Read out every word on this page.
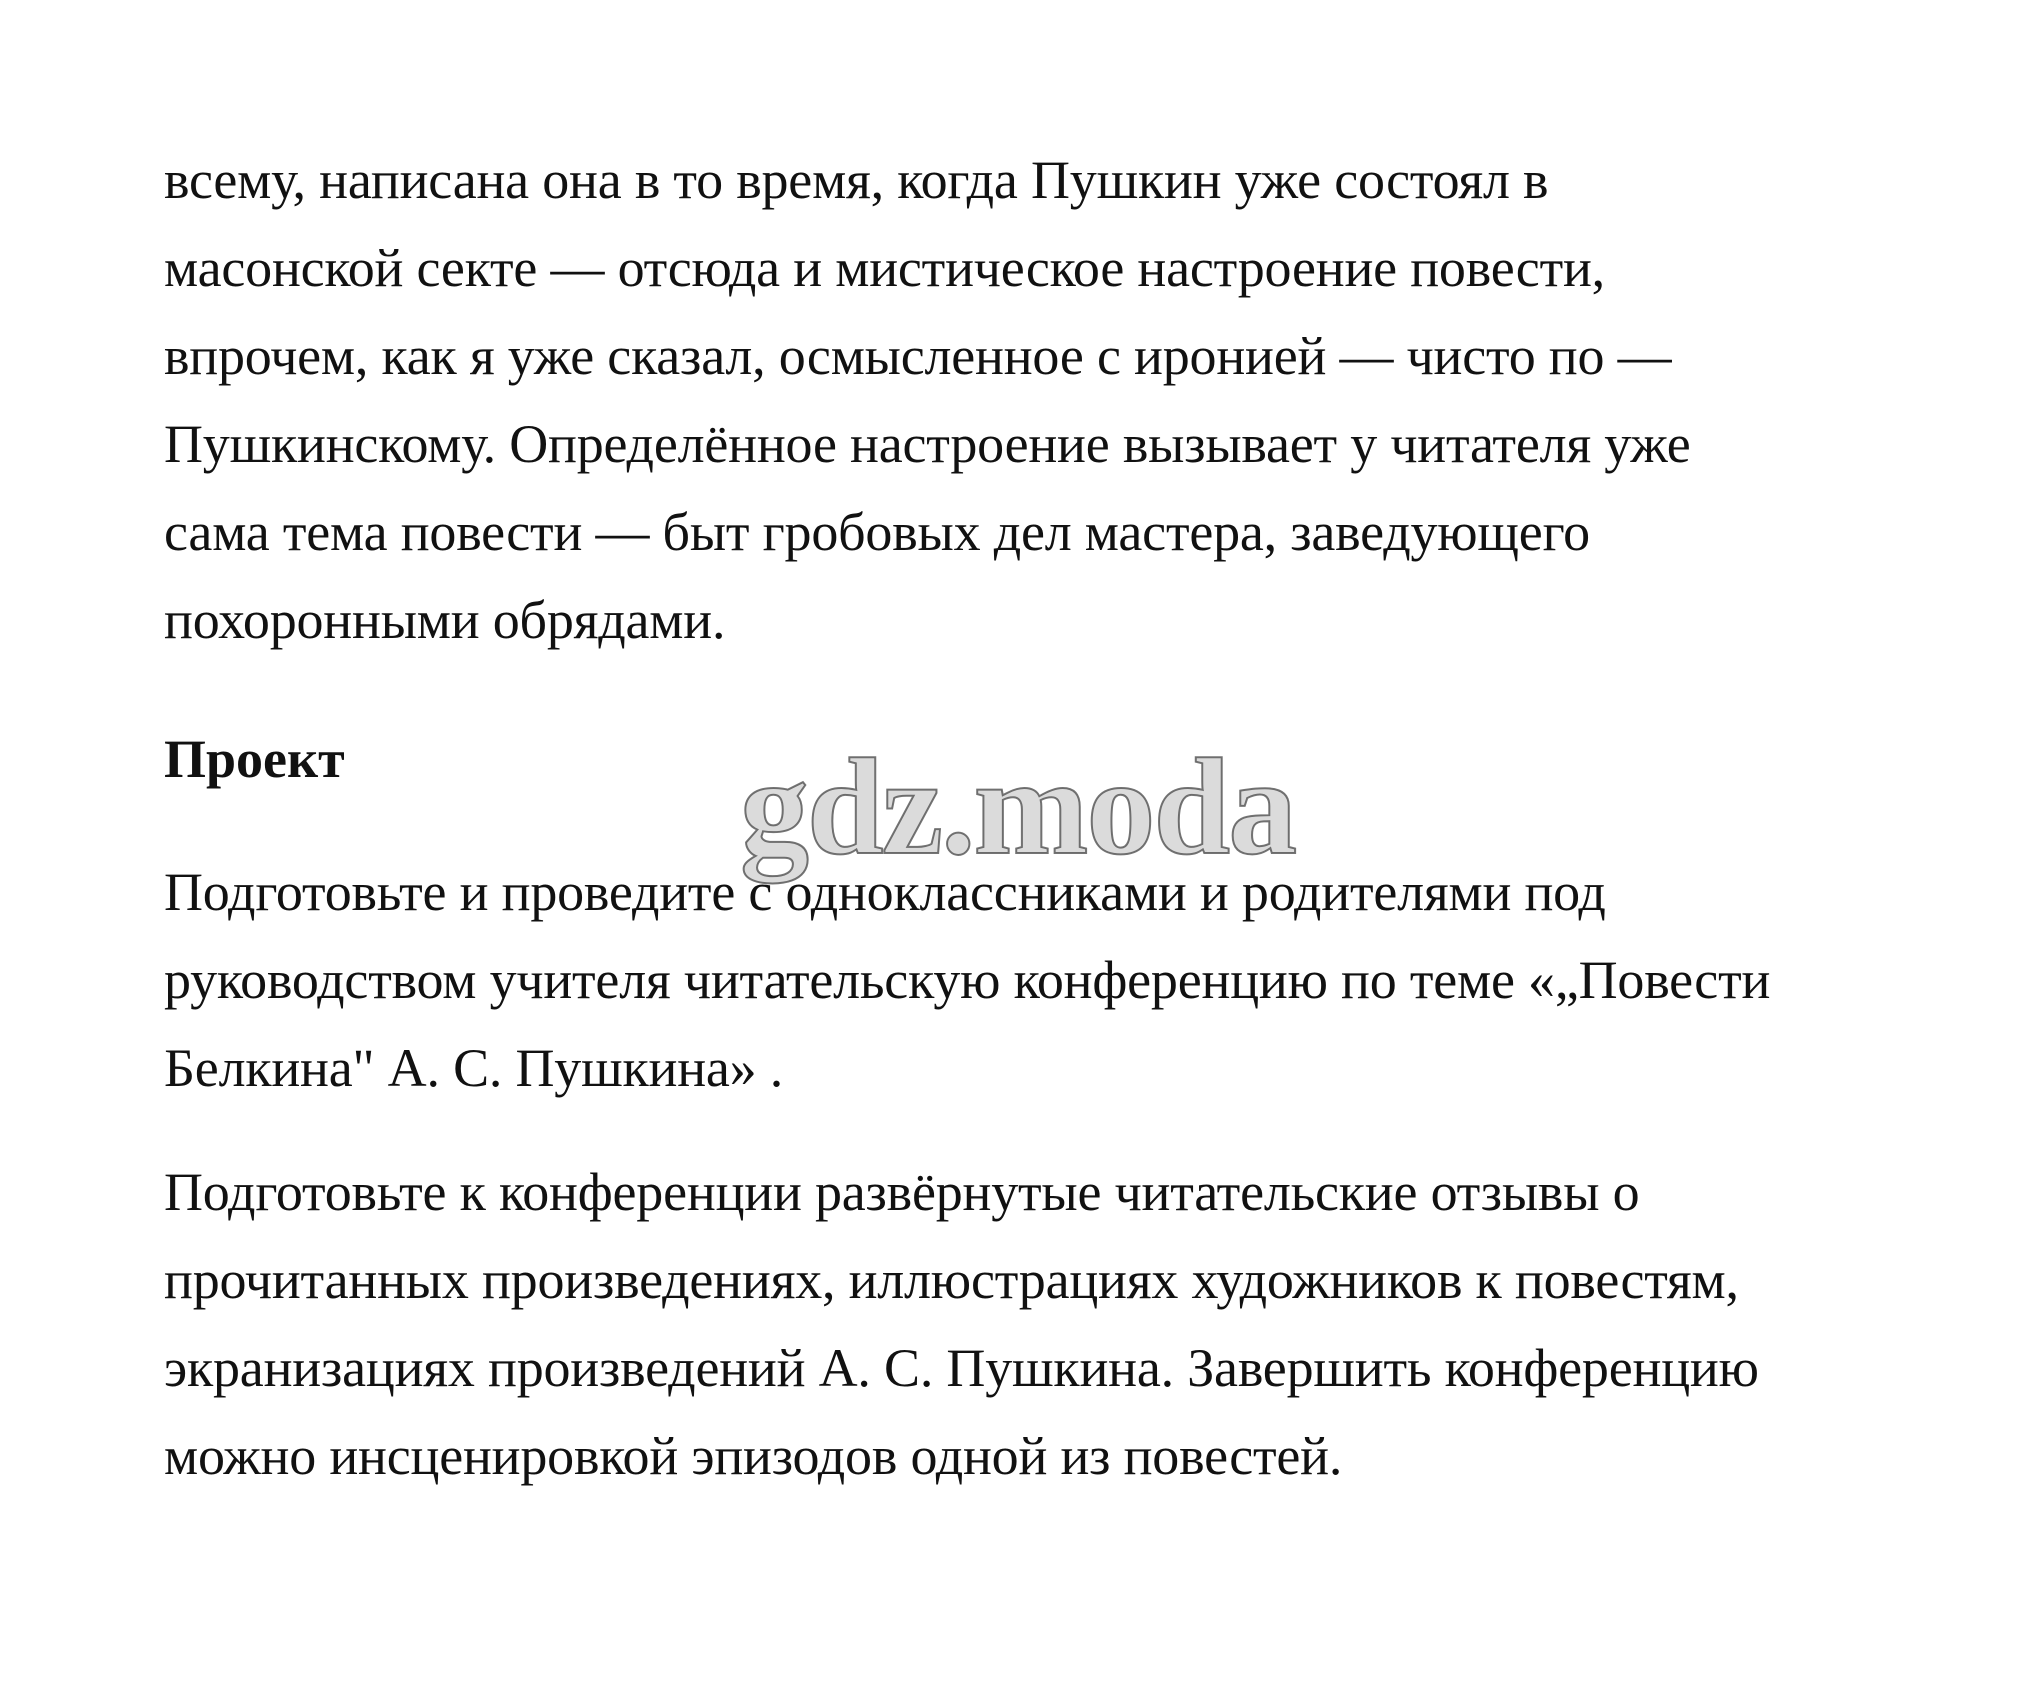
всему, написана она в то время, когда Пушкин уже состоял в
масонской секте — отсюда и мистическое настроение повести,
впрочем, как я уже сказал, осмысленное с иронией — чисто по —
Пушкинскому. Определённое настроение вызывает у читателя уже
сама тема повести — быт гробовых дел мастера, заведующего
похоронными обрядами.
Проект	gdz.moda
Подготовьте и проведите с одноклассниками и родителями под
руководством учителя читательскую конференцию по теме «„Повести
Белкина" А. С. Пушкина» .
Подготовьте к конференции развёрнутые читательские отзывы о
прочитанных произведениях, иллюстрациях художников к повестям,
экранизациях произведений А. С. Пушкина. Завершить конференцию
можно инсценировкой эпизодов одной из повестей.
